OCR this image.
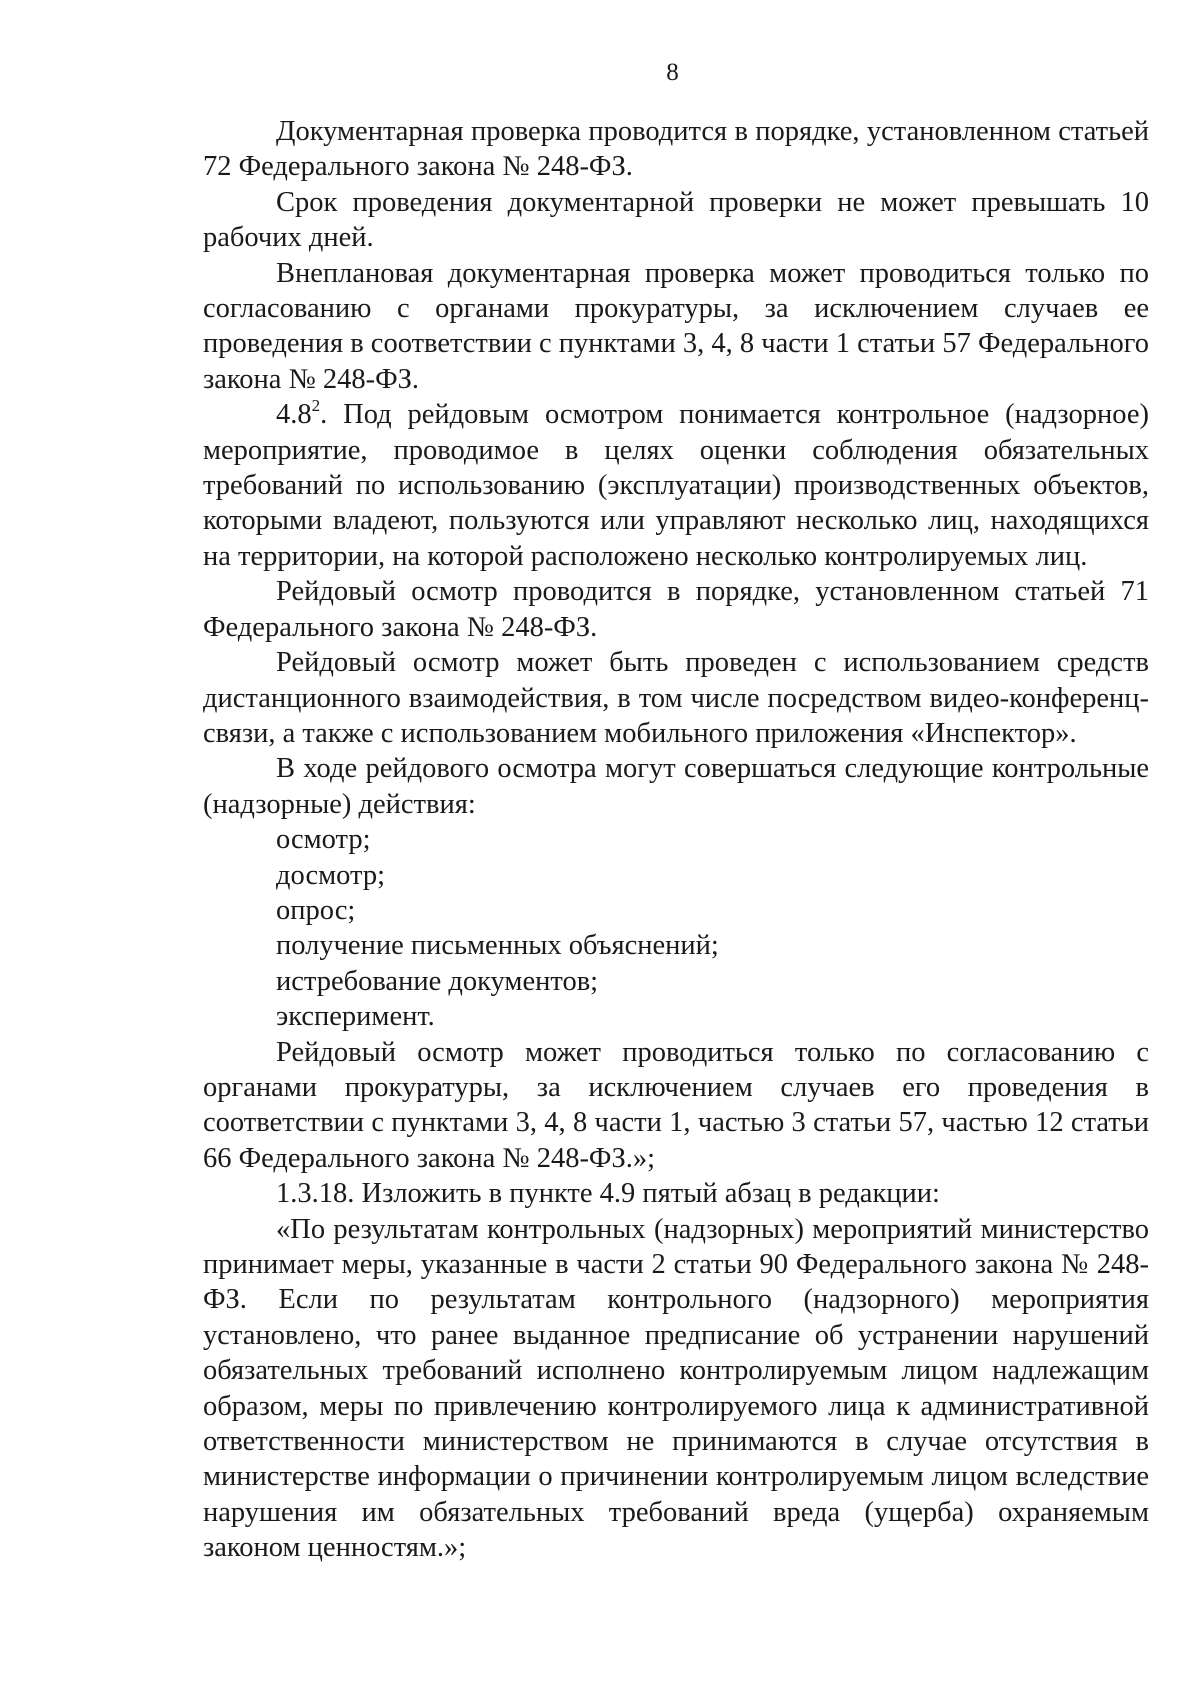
8

Документарная проверка проводится в порядке, установленном статьей 72 Федерального закона № 248-ФЗ.

Срок проведения документарной проверки не может превышать 10 рабочих дней.

Внеплановая документарная проверка может проводиться только по согласованию с органами прокуратуры, за исключением случаев ее проведения в соответствии с пунктами 3, 4, 8 части 1 статьи 57 Федерального закона № 248-ФЗ.

$4.8^2$. Под рейдовым осмотром понимается контрольное (надзорное) мероприятие, проводимое в целях оценки соблюдения обязательных требований по использованию (эксплуатации) производственных объектов, которыми владеют, пользуются или управляют несколько лиц, находящихся на территории, на которой расположено несколько контролируемых лиц.

Рейдовый осмотр проводится в порядке, установленном статьей 71 Федерального закона № 248-ФЗ.

Рейдовый осмотр может быть проведен с использованием средств дистанционного взаимодействия, в том числе посредством видео-конференц-связи, а также с использованием мобильного приложения «Инспектор».

В ходе рейдового осмотра могут совершаться следующие контрольные (надзорные) действия:

осмотр;

досмотр;

опрос;

получение письменных объяснений;

истребование документов;

эксперимент.

Рейдовый осмотр может проводиться только по согласованию с органами прокуратуры, за исключением случаев его проведения в соответствии с пунктами 3, 4, 8 части 1, частью 3 статьи 57, частью 12 статьи 66 Федерального закона № 248-ФЗ.»;

1.3.18. Изложить в пункте 4.9 пятый абзац в редакции:

«По результатам контрольных (надзорных) мероприятий министерство принимает меры, указанные в части 2 статьи 90 Федерального закона № 248-ФЗ. Если по результатам контрольного (надзорного) мероприятия установлено, что ранее выданное предписание об устранении нарушений обязательных требований исполнено контролируемым лицом надлежащим образом, меры по привлечению контролируемого лица к административной ответственности министерством не принимаются в случае отсутствия в министерстве информации о причинении контролируемым лицом вследствие нарушения им обязательных требований вреда (ущерба) охраняемым законом ценностям.»;
